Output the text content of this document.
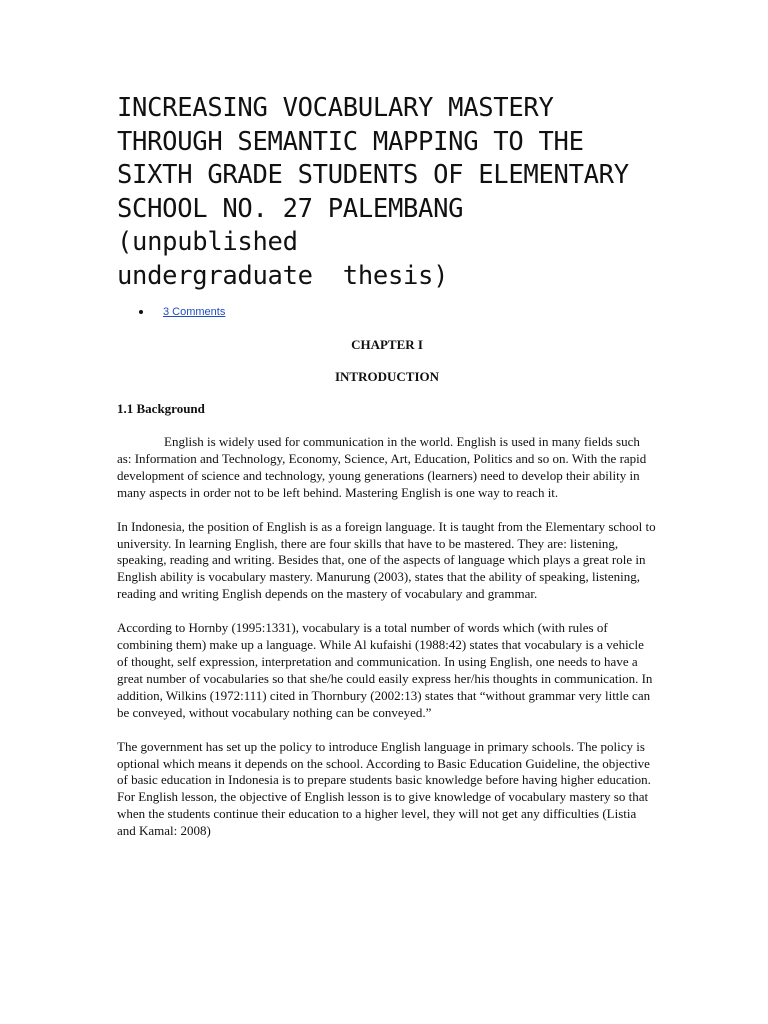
INCREASING VOCABULARY MASTERY THROUGH SEMANTIC MAPPING TO THE SIXTH GRADE STUDENTS OF ELEMENTARY SCHOOL NO. 27 PALEMBANG (unpublished
undergraduate  thesis)
3 Comments

CHAPTER I

INTRODUCTION

1.1 Background

English is widely used for communication in the world. English is used in many fields such as: Information and Technology, Economy, Science, Art, Education, Politics and so on. With the rapid development of science and technology, young generations (learners) need to develop their ability in many aspects in order not to be left behind. Mastering English is one way to reach it.

In Indonesia, the position of English is as a foreign language. It is taught from the Elementary school to university. In learning English, there are four skills that have to be mastered. They are: listening, speaking, reading and writing. Besides that, one of the aspects of language which plays a great role in English ability is vocabulary mastery. Manurung (2003), states that the ability of speaking, listening, reading and writing English depends on the mastery of vocabulary and grammar.

According to Hornby (1995:1331), vocabulary is a total number of words which (with rules of combining them) make up a language. While Al kufaishi (1988:42) states that vocabulary is a vehicle of thought, self expression, interpretation and communication. In using English, one needs to have a great number of vocabularies so that she/he could easily express her/his thoughts in communication. In addition, Wilkins (1972:111) cited in Thornbury (2002:13) states that “without grammar very little can be conveyed, without vocabulary nothing can be conveyed.”

The government has set up the policy to introduce English language in primary schools. The policy is optional which means it depends on the school. According to Basic Education Guideline, the objective of basic education in Indonesia is to prepare students basic knowledge before having higher education. For English lesson, the objective of English lesson is to give knowledge of vocabulary mastery so that when the students continue their education to a higher level, they will not get any difficulties (Listia and Kamal: 2008)
